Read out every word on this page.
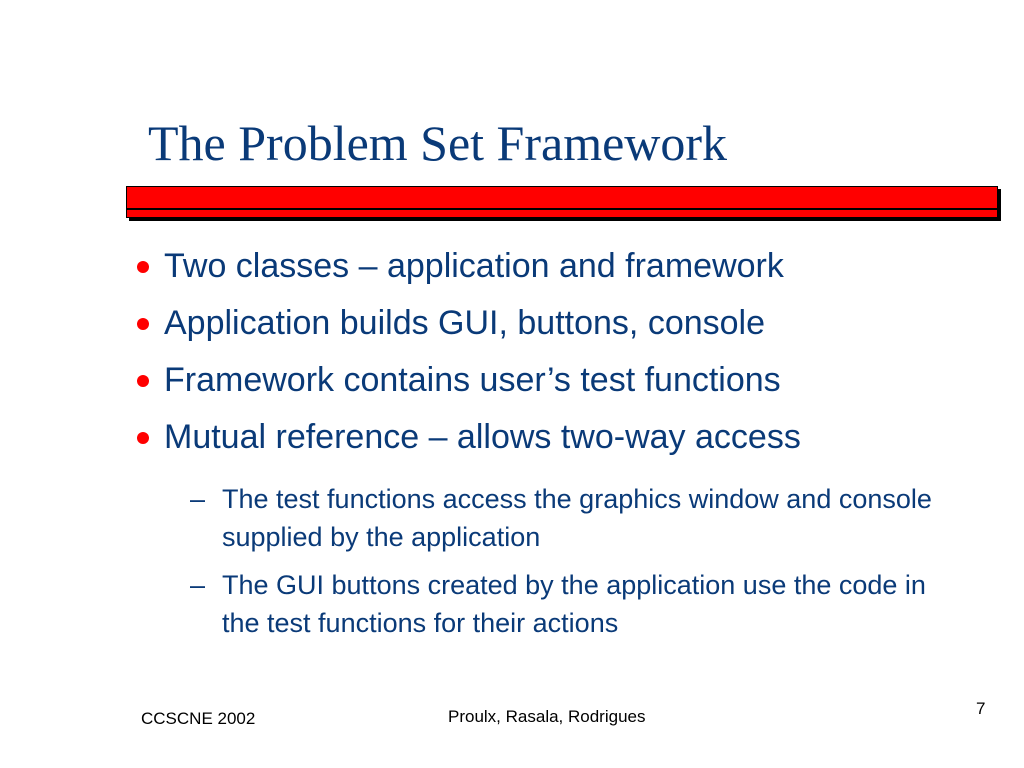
The Problem Set Framework
Two classes – application and framework
Application builds GUI, buttons, console
Framework contains user’s test functions
Mutual reference – allows two-way access
– The test functions access the graphics window and console supplied by the application
– The GUI buttons created by the application use the code in the test functions for their actions
CCSCNE 2002	Proulx, Rasala, Rodrigues	7
